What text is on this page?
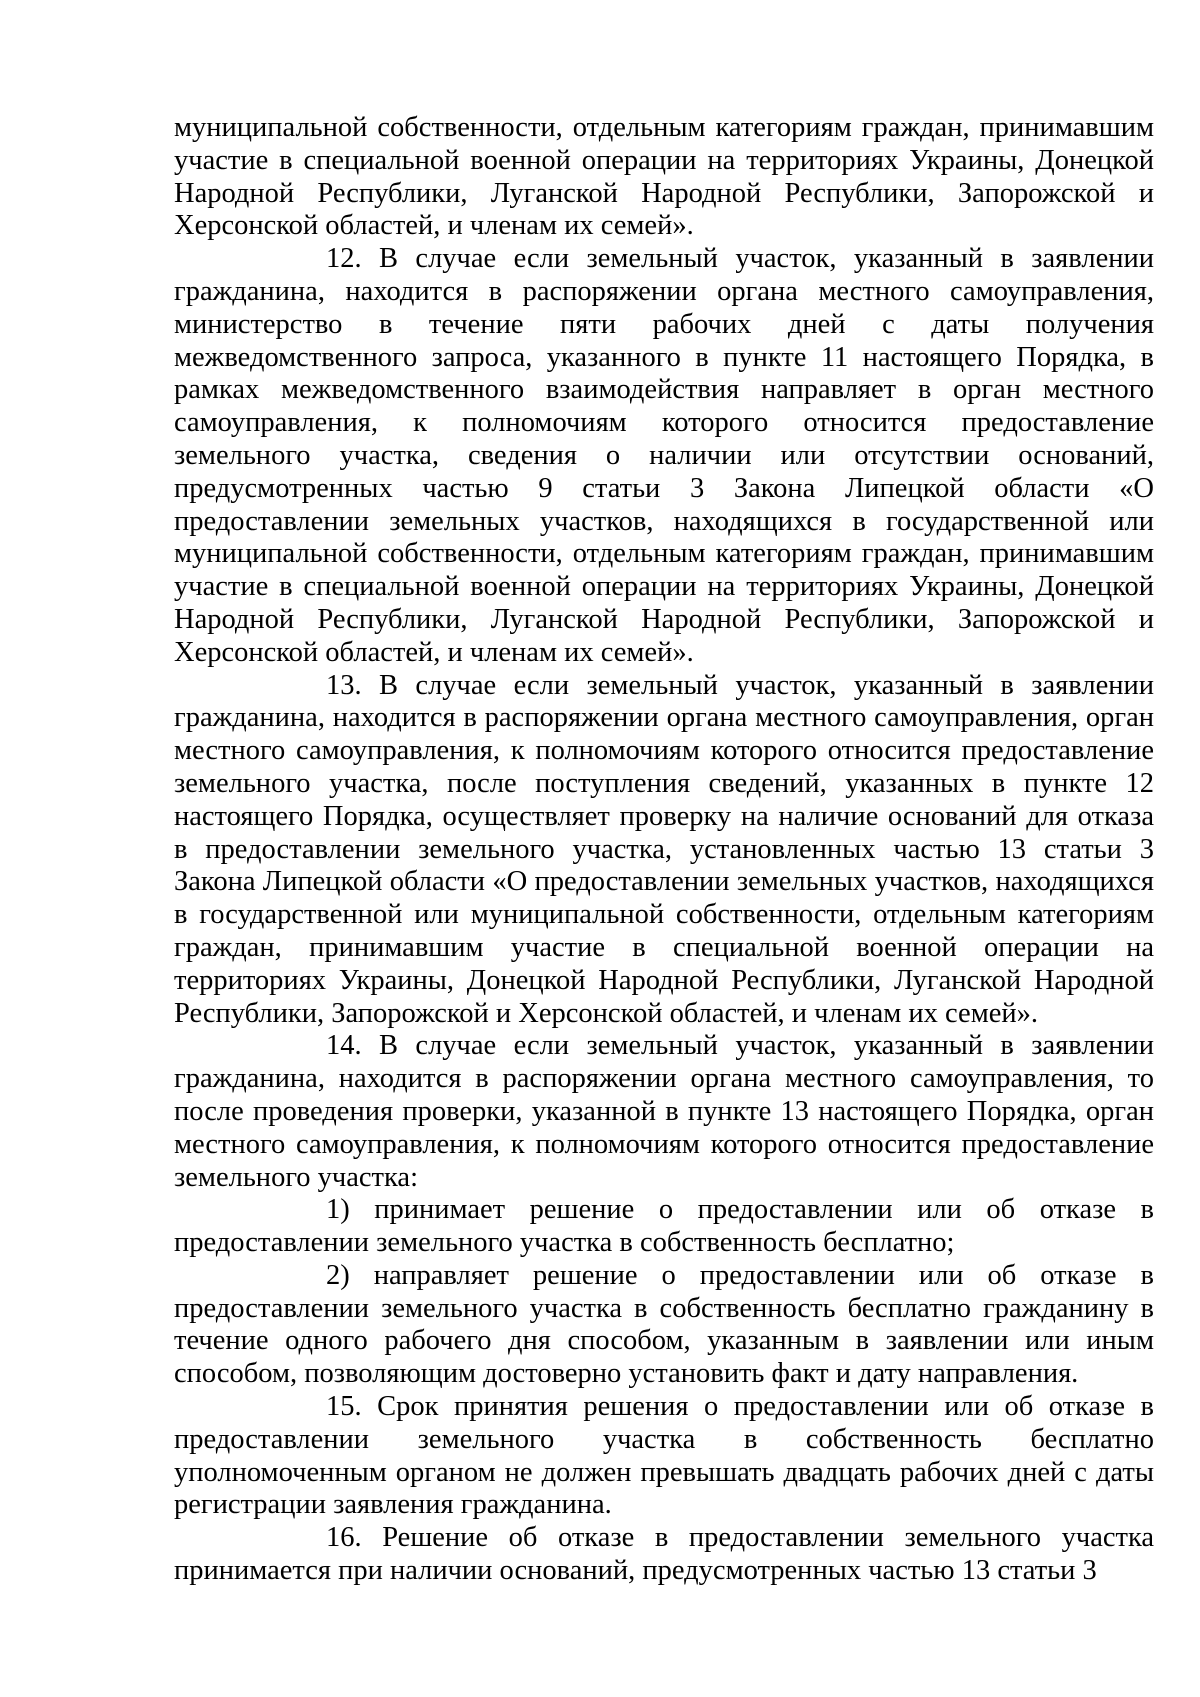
муниципальной собственности, отдельным категориям граждан, принимавшим участие в специальной военной операции на территориях Украины, Донецкой Народной Республики, Луганской Народной Республики, Запорожской и Херсонской областей, и членам их семей».

12. В случае если земельный участок, указанный в заявлении гражданина, находится в распоряжении органа местного самоуправления, министерство в течение пяти рабочих дней с даты получения межведомственного запроса, указанного в пункте 11 настоящего Порядка, в рамках межведомственного взаимодействия направляет в орган местного самоуправления, к полномочиям которого относится предоставление земельного участка, сведения о наличии или отсутствии оснований, предусмотренных частью 9 статьи 3 Закона Липецкой области «О предоставлении земельных участков, находящихся в государственной или муниципальной собственности, отдельным категориям граждан, принимавшим участие в специальной военной операции на территориях Украины, Донецкой Народной Республики, Луганской Народной Республики, Запорожской и Херсонской областей, и членам их семей».

13. В случае если земельный участок, указанный в заявлении гражданина, находится в распоряжении органа местного самоуправления, орган местного самоуправления, к полномочиям которого относится предоставление земельного участка, после поступления сведений, указанных в пункте 12 настоящего Порядка, осуществляет проверку на наличие оснований для отказа в предоставлении земельного участка, установленных частью 13 статьи 3 Закона Липецкой области «О предоставлении земельных участков, находящихся в государственной или муниципальной собственности, отдельным категориям граждан, принимавшим участие в специальной военной операции на территориях Украины, Донецкой Народной Республики, Луганской Народной Республики, Запорожской и Херсонской областей, и членам их семей».

14. В случае если земельный участок, указанный в заявлении гражданина, находится в распоряжении органа местного самоуправления, то после проведения проверки, указанной в пункте 13 настоящего Порядка, орган местного самоуправления, к полномочиям которого относится предоставление земельного участка:

1) принимает решение о предоставлении или об отказе в предоставлении земельного участка в собственность бесплатно;

2) направляет решение о предоставлении или об отказе в предоставлении земельного участка в собственность бесплатно гражданину в течение одного рабочего дня способом, указанным в заявлении или иным способом, позволяющим достоверно установить факт и дату направления.

15. Срок принятия решения о предоставлении или об отказе в предоставлении земельного участка в собственность бесплатно уполномоченным органом не должен превышать двадцать рабочих дней с даты регистрации заявления гражданина.

16. Решение об отказе в предоставлении земельного участка принимается при наличии оснований, предусмотренных частью 13 статьи 3
